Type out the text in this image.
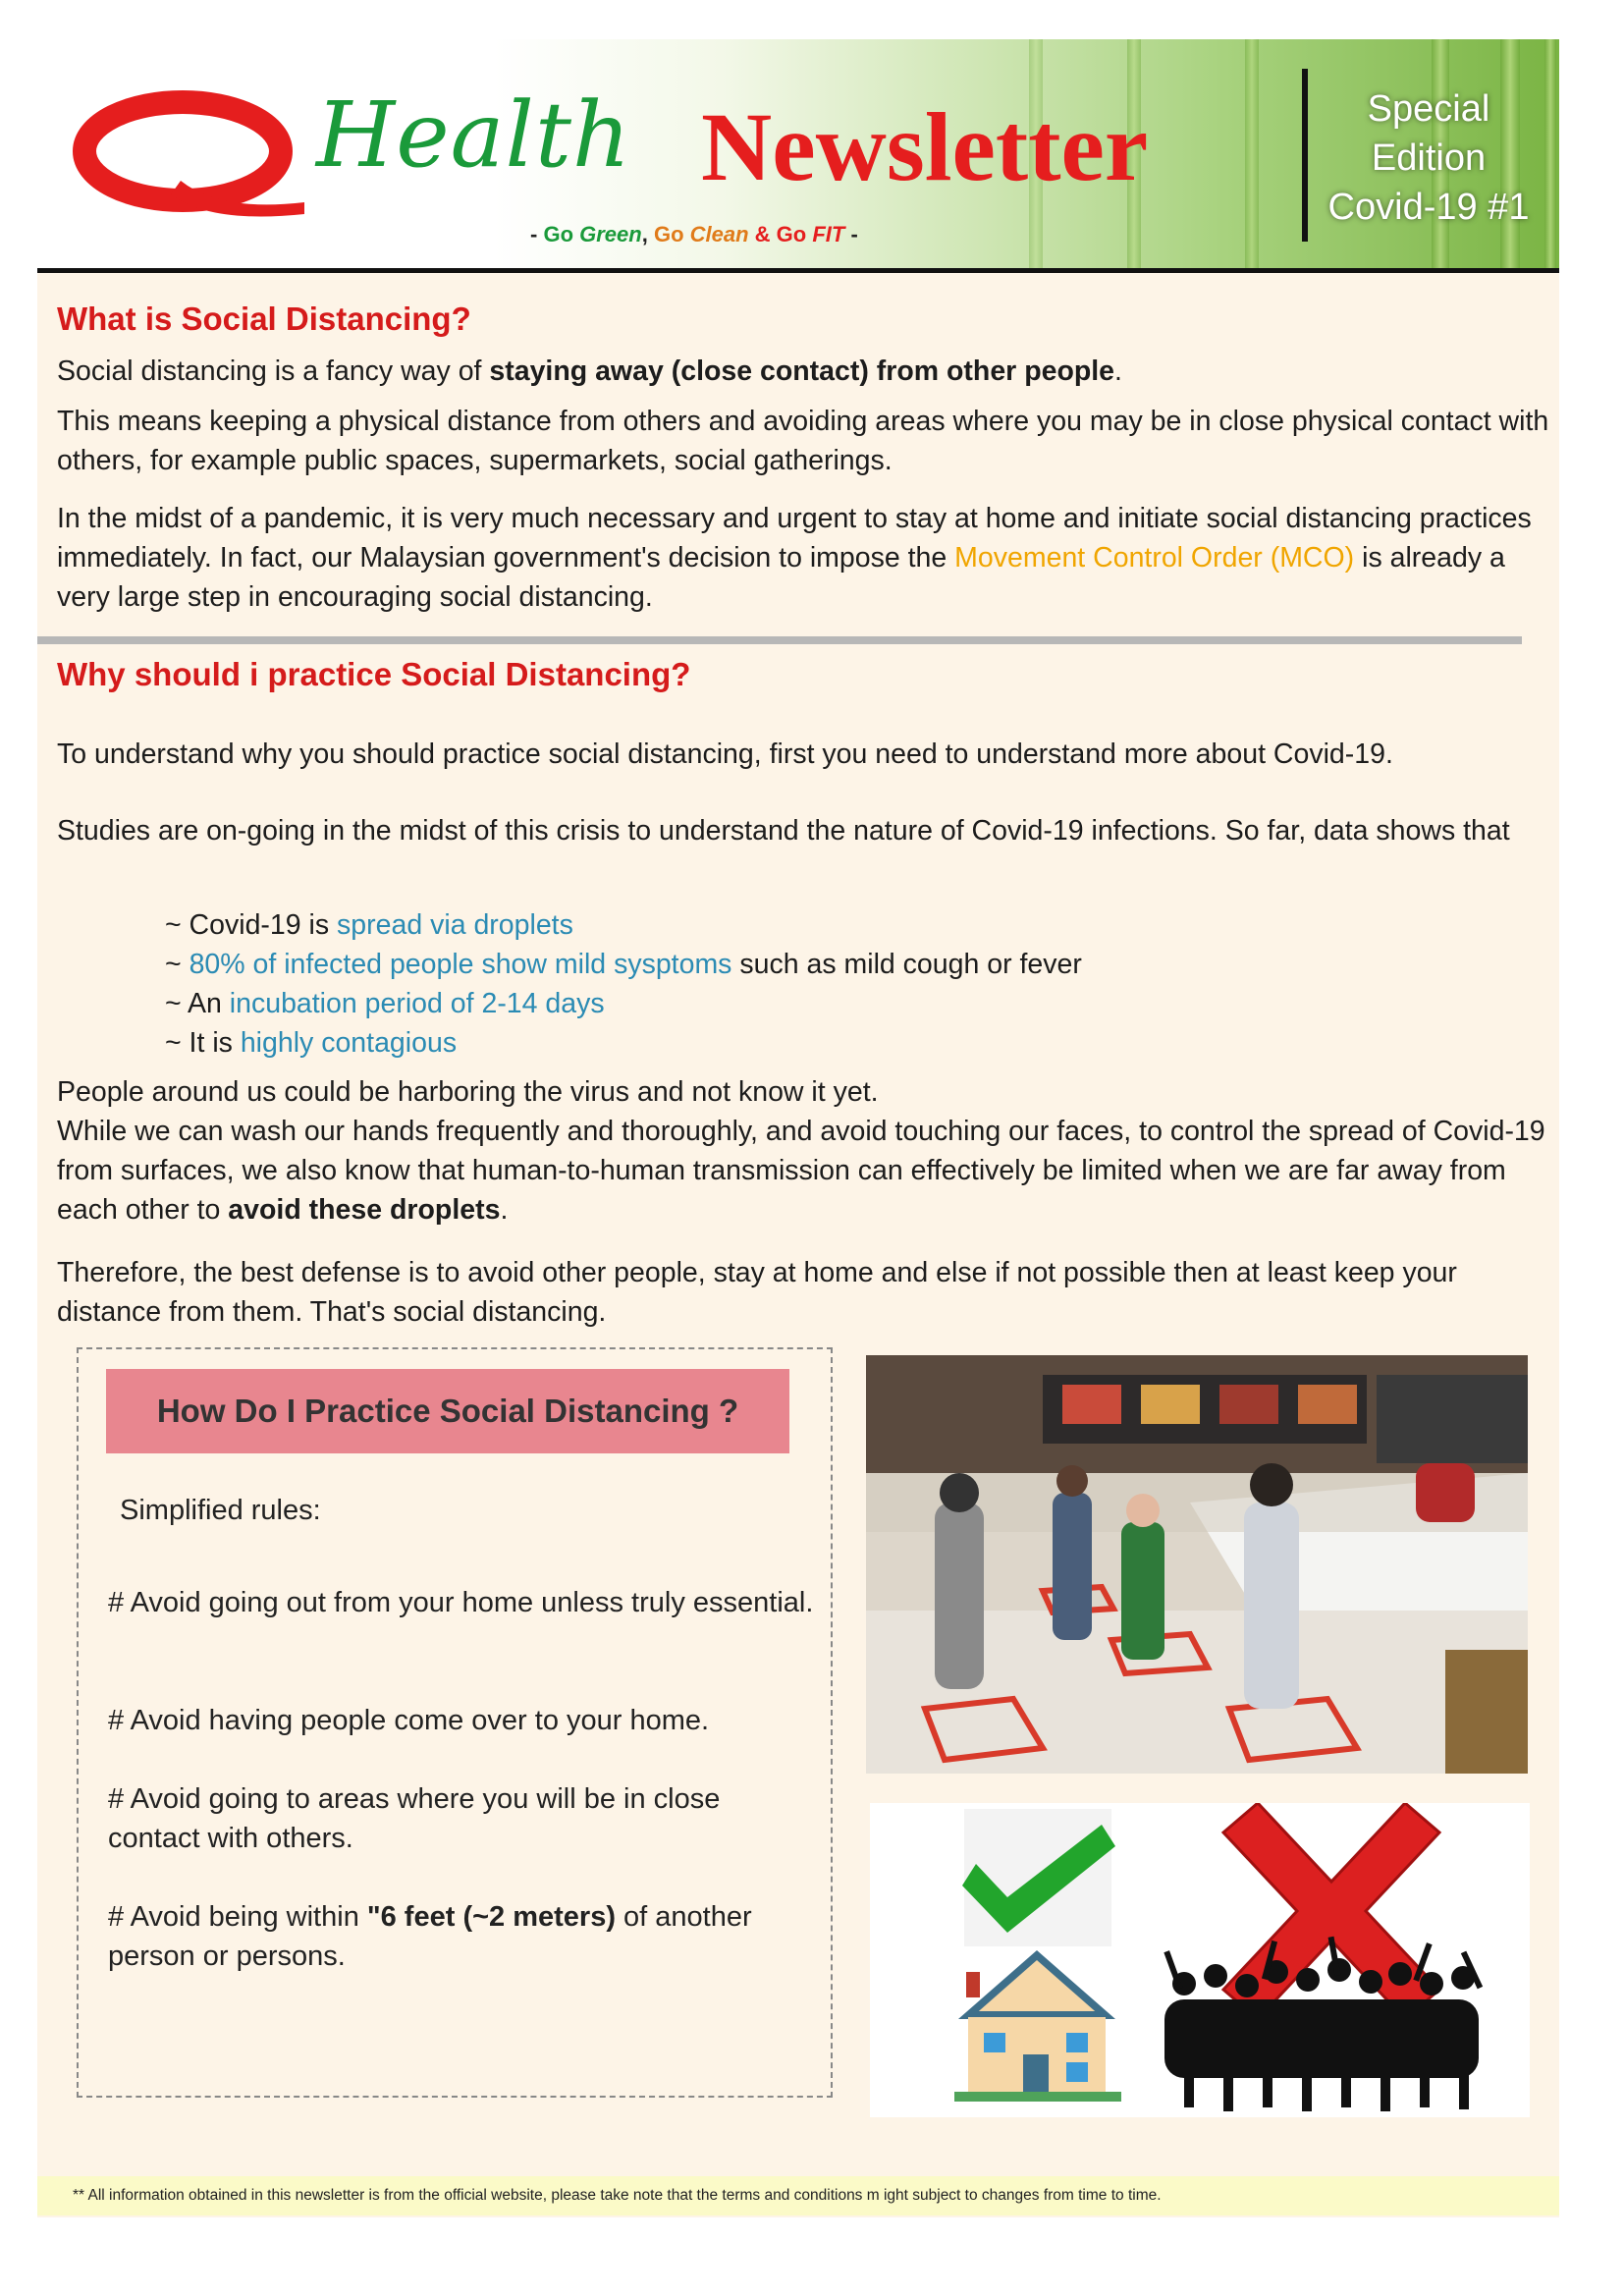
Health Newsletter
- Go Green, Go Clean & Go FIT -
Special
Edition
Covid-19 #1
What is Social Distancing?
Social distancing is a fancy way of staying away (close contact) from other people.
This means keeping a physical distance from others and avoiding areas where you may be in close physical contact with others, for example public spaces, supermarkets, social gatherings.
In the midst of a pandemic, it is very much necessary and urgent to stay at home and initiate social distancing practices immediately. In fact, our Malaysian government's decision to impose the Movement Control Order (MCO) is already a very large step in encouraging social distancing.
Why should i practice Social Distancing?
To understand why you should practice social distancing, first you need to understand more about Covid-19.
Studies are on-going in the midst of this crisis to understand the nature of Covid-19 infections. So far, data shows that
~ Covid-19 is spread via droplets
~ 80% of infected people show mild sysptoms such as mild cough or fever
~ An incubation period of 2-14 days
~ It is highly contagious
People around us could be harboring the virus and not know it yet.
While we can wash our hands frequently and thoroughly, and avoid touching our faces, to control the spread of Covid-19 from surfaces, we also know that human-to-human transmission can effectively be limited when we are far away from each other to avoid these droplets.
Therefore, the best defense is to avoid other people, stay at home and else if not possible then at least keep your distance from them. That's social distancing.
How Do I Practice Social Distancing ?
Simplified rules:
# Avoid going out from your home unless truly essential.
# Avoid having people come over to your home.
# Avoid going to areas where you will be in close contact with others.
# Avoid being within "6 feet (~2 meters) of another person or persons.
** All information obtained in this newsletter is from the official website, please take note that the terms and conditions m ight subject to changes from time to time.
